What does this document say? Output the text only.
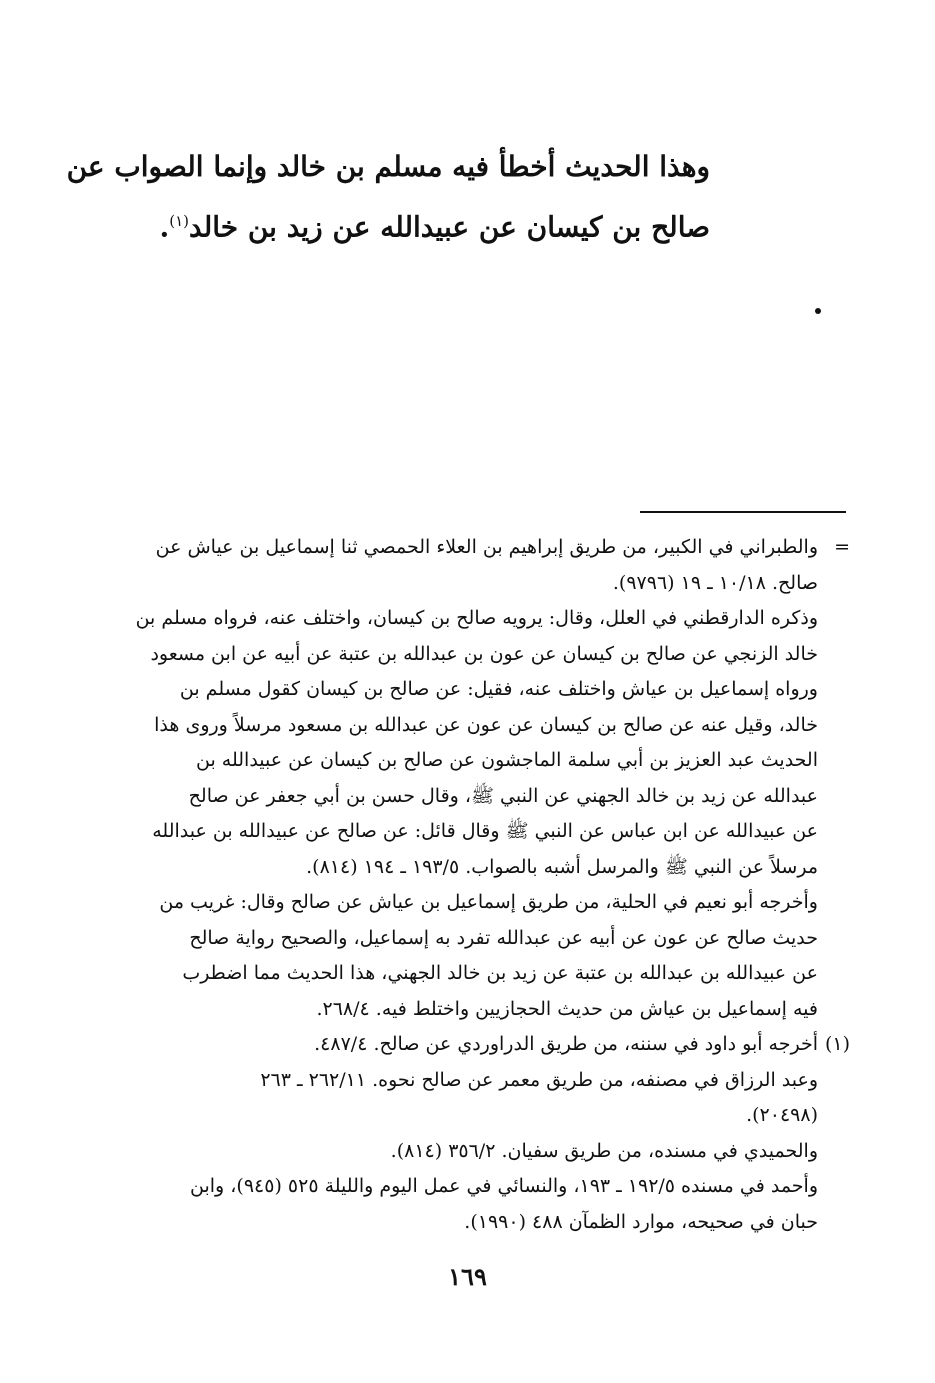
وهذا الحديث أخطأ فيه مسلم بن خالد وإنما الصواب عن
صالح بن كيسان عن عبيدالله عن زيد بن خالد$^{(١)}$.
=والطبراني في الكبير، من طريق إبراهيم بن العلاء الحمصي ثنا إسماعيل بن عياش عن
صالح. ١٠/١٨ ـ ١٩ (٩٧٩٦).
وذكره الدارقطني في العلل، وقال: يرويه صالح بن كيسان، واختلف عنه، فرواه مسلم بن
خالد الزنجي عن صالح بن كيسان عن عون بن عبدالله بن عتبة عن أبيه عن ابن مسعود
ورواه إسماعيل بن عياش واختلف عنه، فقيل: عن صالح بن كيسان كقول مسلم بن
خالد، وقيل عنه عن صالح بن كيسان عن عون عن عبدالله بن مسعود مرسلاً وروى هذا
الحديث عبد العزيز بن أبي سلمة الماجشون عن صالح بن كيسان عن عبيدالله بن
عبدالله عن زيد بن خالد الجهني عن النبي ﷺ، وقال حسن بن أبي جعفر عن صالح
عن عبيدالله عن ابن عباس عن النبي ﷺ وقال قائل: عن صالح عن عبيدالله بن عبدالله
مرسلاً عن النبي ﷺ والمرسل أشبه بالصواب. ١٩٣/٥ ـ ١٩٤ (٨١٤).
وأخرجه أبو نعيم في الحلية، من طريق إسماعيل بن عياش عن صالح وقال: غريب من
حديث صالح عن عون عن أبيه عن عبدالله تفرد به إسماعيل، والصحيح رواية صالح
عن عبيدالله بن عبدالله بن عتبة عن زيد بن خالد الجهني، هذا الحديث مما اضطرب
فيه إسماعيل بن عياش من حديث الحجازيين واختلط فيه. ٢٦٨/٤.
(١)أخرجه أبو داود في سننه، من طريق الدراوردي عن صالح. ٤٨٧/٤.
وعبد الرزاق في مصنفه، من طريق معمر عن صالح نحوه. ٢٦٢/١١ ـ ٢٦٣
(٢٠٤٩٨).
والحميدي في مسنده، من طريق سفيان. ٣٥٦/٢ (٨١٤).
وأحمد في مسنده ١٩٢/٥ ـ ١٩٣، والنسائي في عمل اليوم والليلة ٥٢٥ (٩٤٥)، وابن
حبان في صحيحه، موارد الظمآن ٤٨٨ (١٩٩٠).
١٦٩
